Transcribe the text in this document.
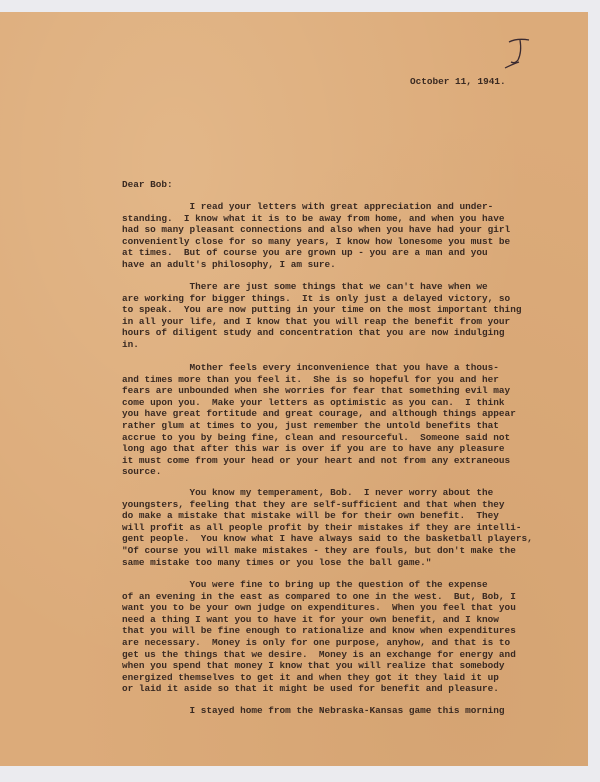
October 11, 1941.
Dear Bob:
I read your letters with great appreciation and under-
standing.  I know what it is to be away from home, and when you have
had so many pleasant connections and also when you have had your girl
conveniently close for so many years, I know how lonesome you must be
at times.  But of course you are grown up - you are a man and you
have an adult's philosophy, I am sure.
There are just some things that we can't have when we
are working for bigger things.  It is only just a delayed victory, so
to speak.  You are now putting in your time on the most important thing
in all your life, and I know that you will reap the benefit from your
hours of diligent study and concentration that you are now indulging
in.
Mother feels every inconvenience that you have a thous-
and times more than you feel it.  She is so hopeful for you and her
fears are unbounded when she worries for fear that something evil may
come upon you.  Make your letters as optimistic as you can.  I think
you have great fortitude and great courage, and although things appear
rather glum at times to you, just remember the untold benefits that
accrue to you by being fine, clean and resourceful.  Someone said not
long ago that after this war is over if you are to have any pleasure
it must come from your head or your heart and not from any extraneous
source.
You know my temperament, Bob.  I never worry about the
youngsters, feeling that they are self-sufficient and that when they
do make a mistake that mistake will be for their own benefit.  They
will profit as all people profit by their mistakes if they are intelli-
gent people.  You know what I have always said to the basketball players,
"Of course you will make mistakes - they are fouls, but don't make the
same mistake too many times or you lose the ball game."
You were fine to bring up the question of the expense
of an evening in the east as compared to one in the west.  But, Bob, I
want you to be your own judge on expenditures.  When you feel that you
need a thing I want you to have it for your own benefit, and I know
that you will be fine enough to rationalize and know when expenditures
are necessary.  Money is only for one purpose, anyhow, and that is to
get us the things that we desire.  Money is an exchange for energy and
when you spend that money I know that you will realize that somebody
energized themselves to get it and when they got it they laid it up
or laid it aside so that it might be used for benefit and pleasure.
I stayed home from the Nebraska-Kansas game this morning
